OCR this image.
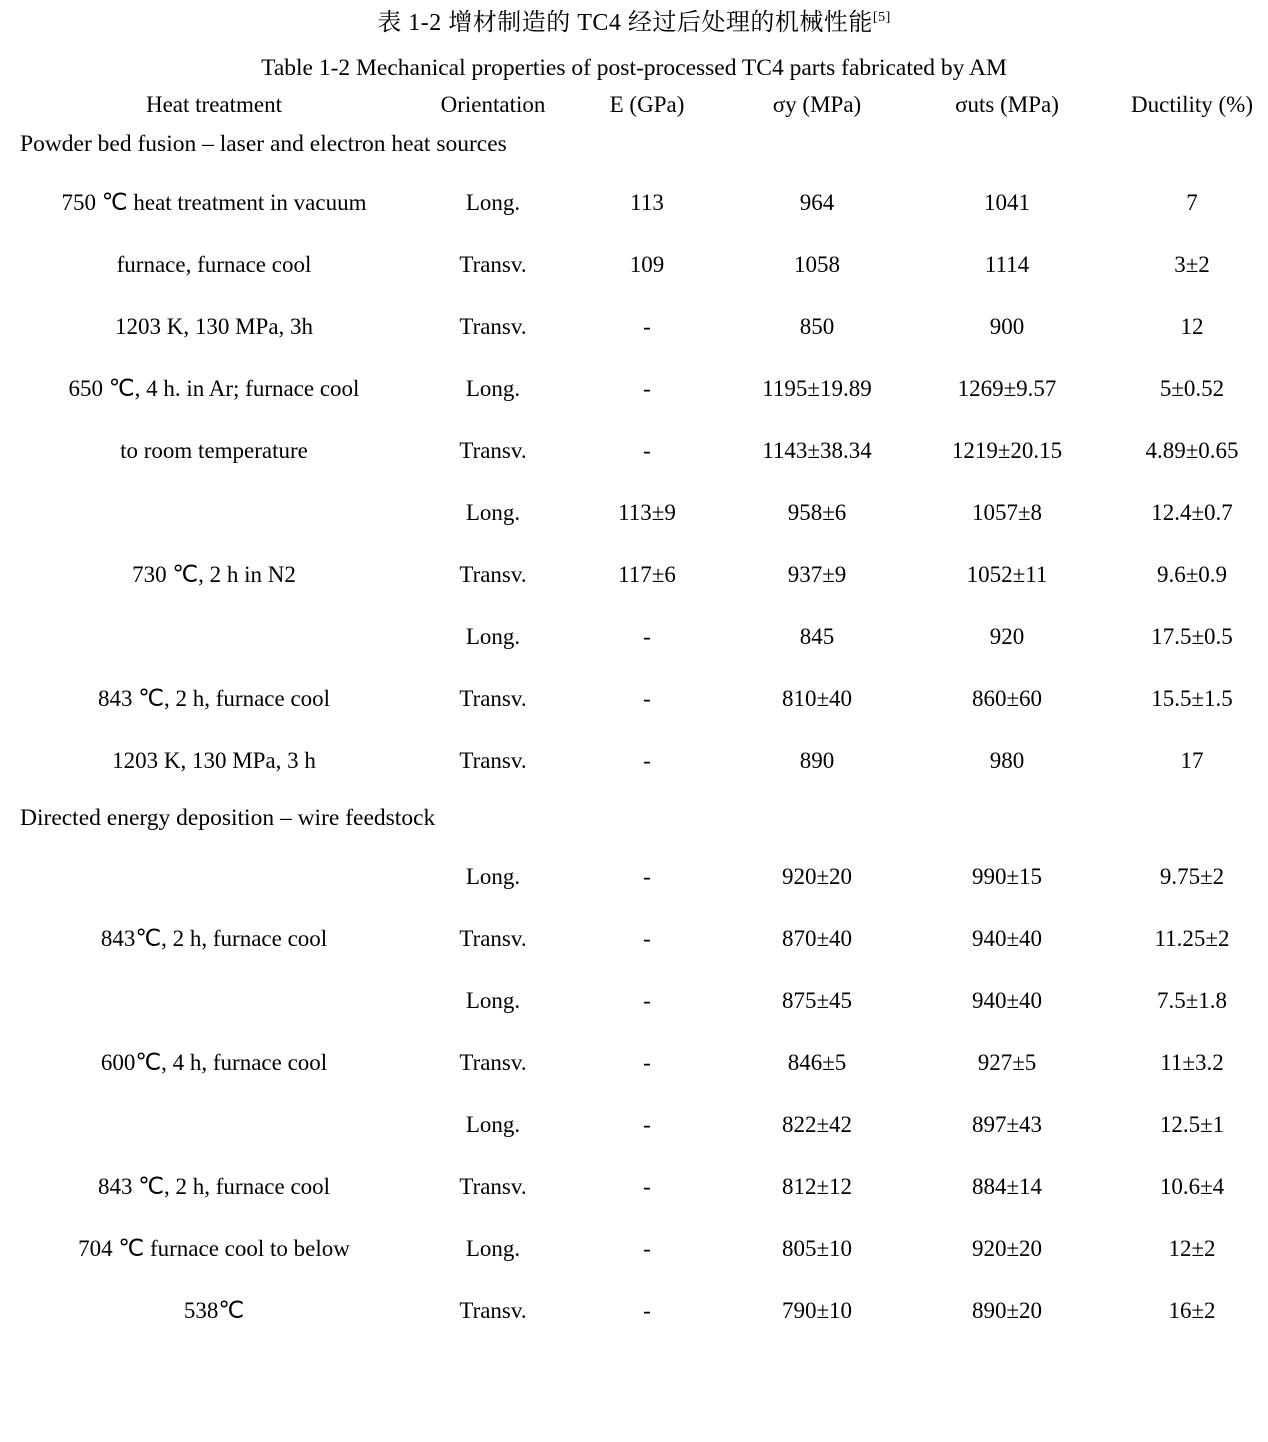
表 1-2 增材制造的 TC4 经过后处理的机械性能[5]
Table 1-2 Mechanical properties of post-processed TC4 parts fabricated by AM

Heat treatment	Orientation	E (GPa)	σy (MPa)	σuts (MPa)	Ductility (%)

Powder bed fusion – laser and electron heat sources					
750 ℃ heat treatment in vacuum	Long.	113	964	1041	7
furnace, furnace cool	Transv.	109	1058	1114	3±2
1203 K, 130 MPa, 3h	Transv.	-	850	900	12
650 ℃, 4 h. in Ar; furnace cool	Long.	-	1195±19.89	1269±9.57	5±0.52
to room temperature	Transv.	-	1143±38.34	1219±20.15	4.89±0.65
	Long.	113±9	958±6	1057±8	12.4±0.7
730 ℃, 2 h in N2	Transv.	117±6	937±9	1052±11	9.6±0.9
	Long.	-	845	920	17.5±0.5
843 ℃, 2 h, furnace cool	Transv.	-	810±40	860±60	15.5±1.5
1203 K, 130 MPa, 3 h	Transv.	-	890	980	17

Directed energy deposition – wire feedstock					
	Long.	-	920±20	990±15	9.75±2
843℃, 2 h, furnace cool	Transv.	-	870±40	940±40	11.25±2
	Long.	-	875±45	940±40	7.5±1.8
600℃, 4 h, furnace cool	Transv.	-	846±5	927±5	11±3.2
	Long.	-	822±42	897±43	12.5±1
843 ℃, 2 h, furnace cool	Transv.	-	812±12	884±14	10.6±4
704 ℃ furnace cool to below	Long.	-	805±10	920±20	12±2
538℃	Transv.	-	790±10	890±20	16±2
